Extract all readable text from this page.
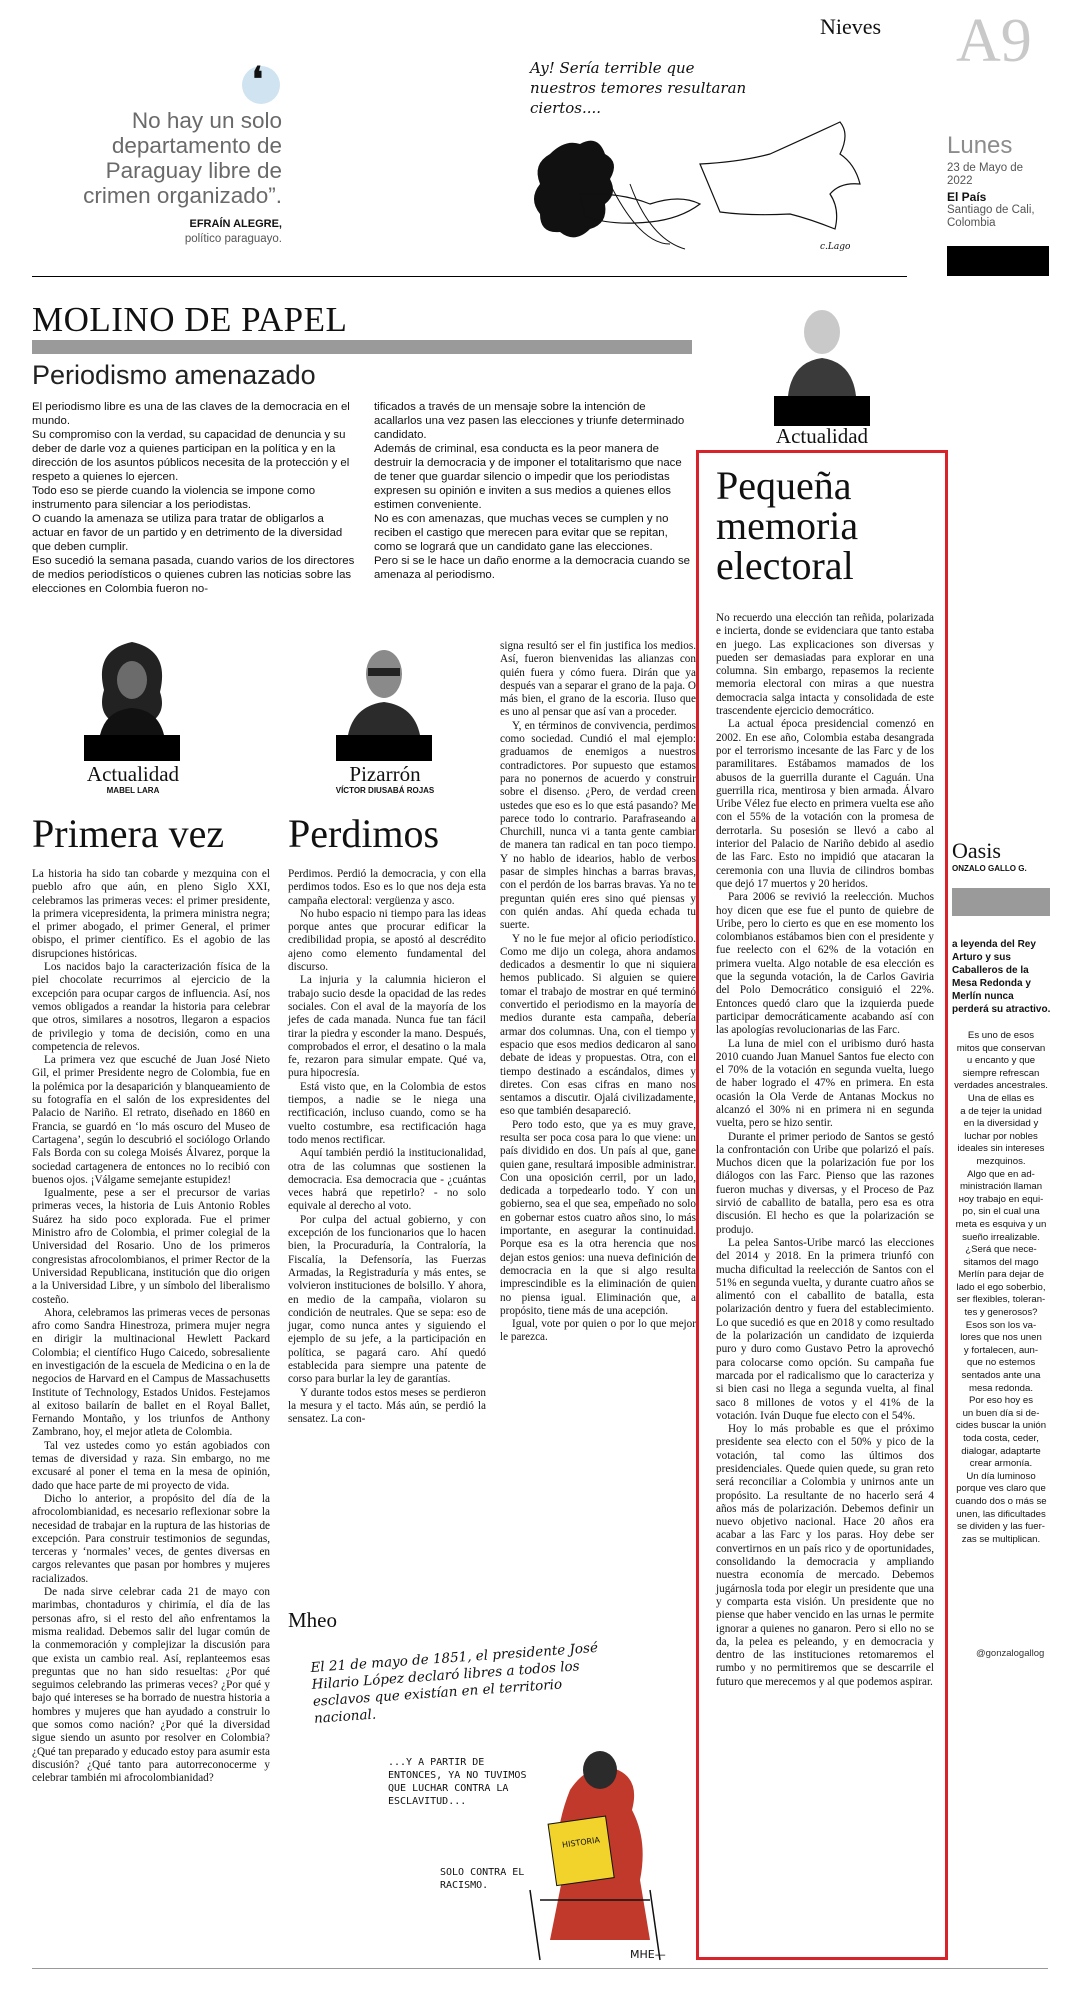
Nieves A9
Lunes
23 de Mayo de 2022
El País
Santiago de Cali, Colombia
❛
No hay un solo departamento de Paraguay libre de crimen organizado”.
EFRAÍN ALEGRE,
político paraguayo.
Ay! Sería terrible que nuestros temores resultaran ciertos....
c.Lago
MOLINO DE PAPEL
Periodismo amenazado

El periodismo libre es una de las claves de la democracia en el mundo.

Su compromiso con la verdad, su capacidad de denuncia y su deber de darle voz a quienes participan en la política y en la dirección de los asuntos públicos necesita de la protección y el respeto a quienes lo ejercen.

Todo eso se pierde cuando la violencia se impone como instrumento para silenciar a los periodistas.

O cuando la amenaza se utiliza para tratar de obligarlos a actuar en favor de un partido y en detrimento de la diversidad que deben cumplir.

Eso sucedió la semana pasada, cuando varios de los directores de medios periodísticos o quienes cubren las noticias sobre las elecciones en Colombia fueron no-

tificados a través de un mensaje sobre la intención de acallarlos una vez pasen las elecciones y triunfe determinado candidato.

Además de criminal, esa conducta es la peor manera de destruir la democracia y de imponer el totalitarismo que nace de tener que guardar silencio o impedir que los periodistas expresen su opinión e inviten a sus medios a quienes ellos estimen conveniente.

No es con amenazas, que muchas veces se cumplen y no reciben el castigo que merecen para evitar que se repitan, como se logrará que un candidato gane las elecciones.

Pero si se le hace un daño enorme a la democracia cuando se amenaza al periodismo.

Actualidad
Actualidad
MABEL LARA
Primera vez

La historia ha sido tan cobarde y mezquina con el pueblo afro que aún, en pleno Siglo XXI, celebramos las primeras veces: el primer presidente, la primera vicepresidenta, la primera ministra negra; el primer abogado, el primer General, el primer obispo, el primer científico. Es el agobio de las disrupciones históricas.

Los nacidos bajo la caracterización física de la piel chocolate recurrimos al ejercicio de la excepción para ocupar cargos de influencia. Así, nos vemos obligados a reandar la historia para celebrar que otros, similares a nosotros, llegaron a espacios de privilegio y toma de decisión, como en una competencia de relevos.

La primera vez que escuché de Juan José Nieto Gil, el primer Presidente negro de Colombia, fue en la polémica por la desaparición y blanqueamiento de su fotografía en el salón de los expresidentes del Palacio de Nariño. El retrato, diseñado en 1860 en Francia, se guardó en ‘lo más oscuro del Museo de Cartagena’, según lo descubrió el sociólogo Orlando Fals Borda con su colega Moisés Álvarez, porque la sociedad cartagenera de entonces no lo recibió con buenos ojos. ¡Válgame semejante estupidez!

Igualmente, pese a ser el precursor de varias primeras veces, la historia de Luis Antonio Robles Suárez ha sido poco explorada. Fue el primer Ministro afro de Colombia, el primer colegial de la Universidad del Rosario. Uno de los primeros congresistas afrocolombianos, el primer Rector de la Universidad Republicana, institución que dio origen a la Universidad Libre, y un símbolo del liberalismo costeño.

Ahora, celebramos las primeras veces de personas afro como Sandra Hinestroza, primera mujer negra en dirigir la multinacional Hewlett Packard Colombia; el científico Hugo Caicedo, sobresaliente en investigación de la escuela de Medicina o en la de negocios de Harvard en el Campus de Massachusetts Institute of Technology, Estados Unidos. Festejamos al exitoso bailarín de ballet en el Royal Ballet, Fernando Montaño, y los triunfos de Anthony Zambrano, hoy, el mejor atleta de Colombia.

Tal vez ustedes como yo están agobiados con temas de diversidad y raza. Sin embargo, no me excusaré al poner el tema en la mesa de opinión, dado que hace parte de mi proyecto de vida.

Dicho lo anterior, a propósito del día de la afrocolombianidad, es necesario reflexionar sobre la necesidad de trabajar en la ruptura de las historias de excepción. Para construir testimonios de segundas, terceras y ‘normales’ veces, de gentes diversas en cargos relevantes que pasan por hombres y mujeres racializados.

De nada sirve celebrar cada 21 de mayo con marimbas, chontaduros y chirimía, el día de las personas afro, si el resto del año enfrentamos la misma realidad. Debemos salir del lugar común de la conmemoración y complejizar la discusión para que exista un cambio real. Así, replanteemos esas preguntas que no han sido resueltas: ¿Por qué seguimos celebrando las primeras veces? ¿Por qué y bajo qué intereses se ha borrado de nuestra historia a hombres y mujeres que han ayudado a construir lo que somos como nación? ¿Por qué la diversidad sigue siendo un asunto por resolver en Colombia? ¿Qué tan preparado y educado estoy para asumir esta discusión? ¿Qué tanto para autorreconocerme y celebrar también mi afrocolombianidad?

Pizarrón
VÍCTOR DIUSABÁ ROJAS
Perdimos

Perdimos. Perdió la democracia, y con ella perdimos todos. Eso es lo que nos deja esta campaña electoral: vergüenza y asco.

No hubo espacio ni tiempo para las ideas porque antes que procurar edificar la credibilidad propia, se apostó al descrédito ajeno como elemento fundamental del discurso.

La injuria y la calumnia hicieron el trabajo sucio desde la opacidad de las redes sociales. Con el aval de la mayoría de los jefes de cada manada. Nunca fue tan fácil tirar la piedra y esconder la mano. Después, comprobados el error, el desatino o la mala fe, rezaron para simular empate. Qué va, pura hipocresía.

Está visto que, en la Colombia de estos tiempos, a nadie se le niega una rectificación, incluso cuando, como se ha vuelto costumbre, esa rectificación haga todo menos rectificar.

Aquí también perdió la institucionalidad, otra de las columnas que sostienen la democracia. Esa democracia que - ¿cuántas veces habrá que repetirlo? - no solo equivale al derecho al voto.

Por culpa del actual gobierno, y con excepción de los funcionarios que lo hacen bien, la Procuraduría, la Contraloría, la Fiscalía, la Defensoría, las Fuerzas Armadas, la Registraduría y más entes, se volvieron instituciones de bolsillo. Y ahora, en medio de la campaña, violaron su condición de neutrales. Que se sepa: eso de jugar, como nunca antes y siguiendo el ejemplo de su jefe, a la participación en política, se pagará caro. Ahí quedó establecida para siempre una patente de corso para burlar la ley de garantías.

Y durante todos estos meses se perdieron la mesura y el tacto. Más aún, se perdió la sensatez. La con-

signa resultó ser el fin justifica los medios. Así, fueron bienvenidas las alianzas con quién fuera y cómo fuera. Dirán que ya después van a separar el grano de la paja. O más bien, el grano de la escoria. Iluso que es uno al pensar que así van a proceder.

Y, en términos de convivencia, perdimos como sociedad. Cundió el mal ejemplo: graduamos de enemigos a nuestros contradictores. Por supuesto que estamos para no ponernos de acuerdo y construir sobre el disenso. ¿Pero, de verdad creen ustedes que eso es lo que está pasando? Me parece todo lo contrario. Parafraseando a Churchill, nunca vi a tanta gente cambiar de manera tan radical en tan poco tiempo. Y no hablo de idearios, hablo de verbos pasar de simples hinchas a barras bravas, con el perdón de los barras bravas. Ya no te preguntan quién eres sino qué piensas y con quién andas. Ahí queda echada tu suerte.

Y no le fue mejor al oficio periodístico. Como me dijo un colega, ahora andamos dedicados a desmentir lo que ni siquiera hemos publicado. Si alguien se quiere tomar el trabajo de mostrar en qué terminó convertido el periodismo en la mayoría de medios durante esta campaña, debería armar dos columnas. Una, con el tiempo y espacio que esos medios dedicaron al sano debate de ideas y propuestas. Otra, con el tiempo destinado a escándalos, dimes y diretes. Con esas cifras en mano nos sentamos a discutir. Ojalá civilizadamente, eso que también desapareció.

Pero todo esto, que ya es muy grave, resulta ser poca cosa para lo que viene: un país dividido en dos. Un país al que, gane quien gane, resultará imposible administrar. Con una oposición cerril, por un lado, dedicada a torpedearlo todo. Y con un gobierno, sea el que sea, empeñado no solo en gobernar estos cuatro años sino, lo más importante, en asegurar la continuidad. Porque esa es la otra herencia que nos dejan estos genios: una nueva definición de democracia en la que si algo resulta imprescindible es la eliminación de quien no piensa igual. Eliminación que, a propósito, tiene más de una acepción.

Igual, vote por quien o por lo que mejor le parezca.

Mheo
El 21 de mayo de 1851, el presidente José Hilario López declaró libres a todos los esclavos que existían en el territorio nacional.
HISTORIA
...Y A PARTIR DE ENTONCES, YA NO TUVIMOS QUE LUCHAR CONTRA LA ESCLAVITUD...
SOLO CONTRA EL RACISMO.
MHE—
Pequeña memoria electoral

No recuerdo una elección tan reñida, polarizada e incierta, donde se evidenciara que tanto estaba en juego. Las explicaciones son diversas y pueden ser demasiadas para explorar en una columna. Sin embargo, repasemos la reciente memoria electoral con miras a que nuestra democracia salga intacta y consolidada de este trascendente ejercicio democrático.

La actual época presidencial comenzó en 2002. En ese año, Colombia estaba desangrada por el terrorismo incesante de las Farc y de los paramilitares. Estábamos mamados de los abusos de la guerrilla durante el Caguán. Una guerrilla rica, mentirosa y bien armada. Álvaro Uribe Vélez fue electo en primera vuelta ese año con el 55% de la votación con la promesa de derrotarla. Su posesión se llevó a cabo al interior del Palacio de Nariño debido al asedio de las Farc. Esto no impidió que atacaran la ceremonia con una lluvia de cilindros bombas que dejó 17 muertos y 20 heridos.

Para 2006 se revivió la reelección. Muchos hoy dicen que ese fue el punto de quiebre de Uribe, pero lo cierto es que en ese momento los colombianos estábamos bien con el presidente y fue reelecto con el 62% de la votación en primera vuelta. Algo notable de esa elección es que la segunda votación, la de Carlos Gaviria del Polo Democrático consiguió el 22%. Entonces quedó claro que la izquierda puede participar democráticamente acabando así con las apologías revolucionarias de las Farc.

La luna de miel con el uribismo duró hasta 2010 cuando Juan Manuel Santos fue electo con el 70% de la votación en segunda vuelta, luego de haber logrado el 47% en primera. En esta ocasión la Ola Verde de Antanas Mockus no alcanzó el 30% ni en primera ni en segunda vuelta, pero se hizo sentir.

Durante el primer periodo de Santos se gestó la confrontación con Uribe que polarizó el país. Muchos dicen que la polarización fue por los diálogos con las Farc. Pienso que las razones fueron muchas y diversas, y el Proceso de Paz sirvió de caballito de batalla, pero esa es otra discusión. El hecho es que la polarización se produjo.

La pelea Santos-Uribe marcó las elecciones del 2014 y 2018. En la primera triunfó con mucha dificultad la reelección de Santos con el 51% en segunda vuelta, y durante cuatro años se alimentó con el caballito de batalla, esta polarización dentro y fuera del establecimiento. Lo que sucedió es que en 2018 y como resultado de la polarización un candidato de izquierda puro y duro como Gustavo Petro la aprovechó para colocarse como opción. Su campaña fue marcada por el radicalismo que lo caracteriza y si bien casi no llega a segunda vuelta, al final saco 8 millones de votos y el 41% de la votación. Iván Duque fue electo con el 54%.

Hoy lo más probable es que el próximo presidente sea electo con el 50% y pico de la votación, tal como las últimos dos presidenciales. Quede quien quede, su gran reto será reconciliar a Colombia y unirnos ante un propósito. La resultante de no hacerlo será 4 años más de polarización. Debemos definir un nuevo objetivo nacional. Hace 20 años era acabar a las Farc y los paras. Hoy debe ser convertirnos en un país rico y de oportunidades, consolidando la democracia y ampliando nuestra economía de mercado. Debemos jugárnosla toda por elegir un presidente que una y comparta esta visión. Un presidente que no piense que haber vencido en las urnas le permite ignorar a quienes no ganaron. Pero si ello no se da, la pelea es peleando, y en democracia y dentro de las instituciones retomaremos el rumbo y no permitiremos que se descarrile el futuro que merecemos y al que podemos aspirar.

Oasis
ONZALO GALLO G.
a leyenda del Rey Arturo y sus Caballeros de la Mesa Redonda y Merlín nunca perderá su atractivo.

Es uno de esos

mitos que conservan

u encanto y que

siempre refrescan

verdades ancestrales.

Una de ellas es

a de tejer la unidad

en la diversidad y

luchar por nobles

ideales sin intereses

mezquinos.

Algo que en ad-

ministración llaman

ноу trabajo en equi-

po, sin el cual una

meta es esquiva y un

sueño irrealizable.

¿Será que nece-

sitamos del mago

Merlín para dejar de

lado el ego soberbio,

ser flexibles, toleran-

tes y generosos?

Esos son los va-

lores que nos unen

y fortalecen, aun-

que no estemos

sentados ante una

mesa redonda.

Por eso hoy es

un buen día si de-

cides buscar la unión

toda costa, ceder,

dialogar, adaptarte

crear armonía.

Un día luminoso

porque ves claro que

cuando dos o más se

unen, las dificultades

se dividen y las fuer-

zas se multiplican.

@gonzalogallog
